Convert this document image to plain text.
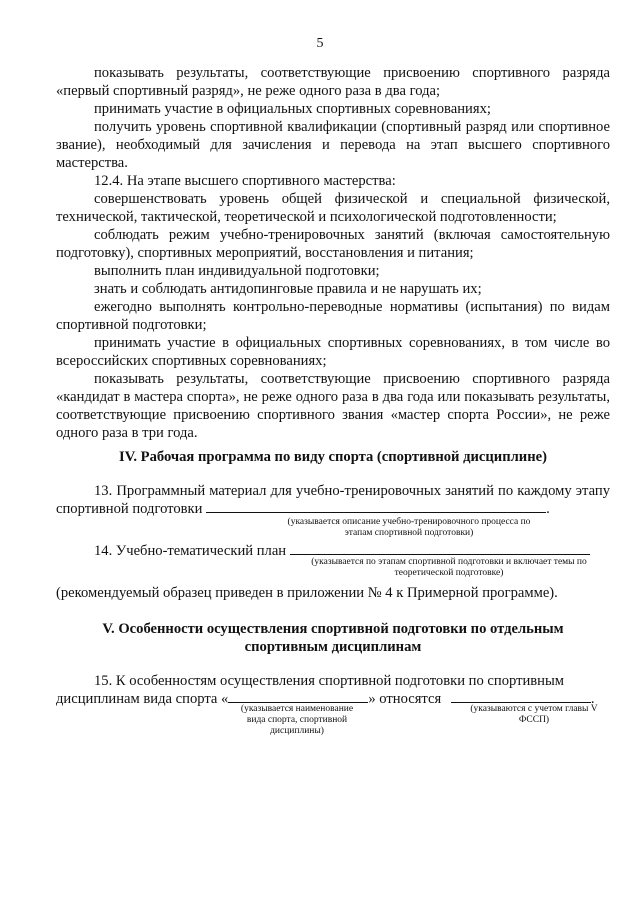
5

показывать результаты, соответствующие присвоению спортивного разряда «первый спортивный разряд», не реже одного раза в два года;

принимать участие в официальных спортивных соревнованиях;

получить уровень спортивной квалификации (спортивный разряд или спортивное звание), необходимый для зачисления и перевода на этап высшего спортивного мастерства.

12.4. На этапе высшего спортивного мастерства:

совершенствовать уровень общей физической и специальной физической, технической, тактической, теоретической и психологической подготовленности;

соблюдать режим учебно-тренировочных занятий (включая самостоятельную подготовку), спортивных мероприятий, восстановления и питания;

выполнить план индивидуальной подготовки;

знать и соблюдать антидопинговые правила и не нарушать их;

ежегодно выполнять контрольно-переводные нормативы (испытания) по видам спортивной подготовки;

принимать участие в официальных спортивных соревнованиях, в том числе во всероссийских спортивных соревнованиях;

показывать результаты, соответствующие присвоению спортивного разряда «кандидат в мастера спорта», не реже одного раза в два года или показывать результаты, соответствующие присвоению спортивного звания «мастер спорта России», не реже одного раза в три года.

IV. Рабочая программа по виду спорта (спортивной дисциплине)

13. Программный материал для учебно-тренировочных занятий по каждому этапу спортивной подготовки	.

(указывается описание учебно-тренировочного процесса по этапам спортивной подготовки)

14. Учебно-тематический план

(указывается по этапам спортивной подготовки и включает темы по теоретической подготовке)

(рекомендуемый образец приведен в приложении № 4 к Примерной программе).

V. Особенности осуществления спортивной подготовки по отдельным

спортивным дисциплинам

15. К особенностям осуществления спортивной подготовки по спортивным

дисциплинам вида спорта «	» относятся	.

(указывается наименование вида спорта, спортивной дисциплины)

(указываются с учетом главы V ФССП)
